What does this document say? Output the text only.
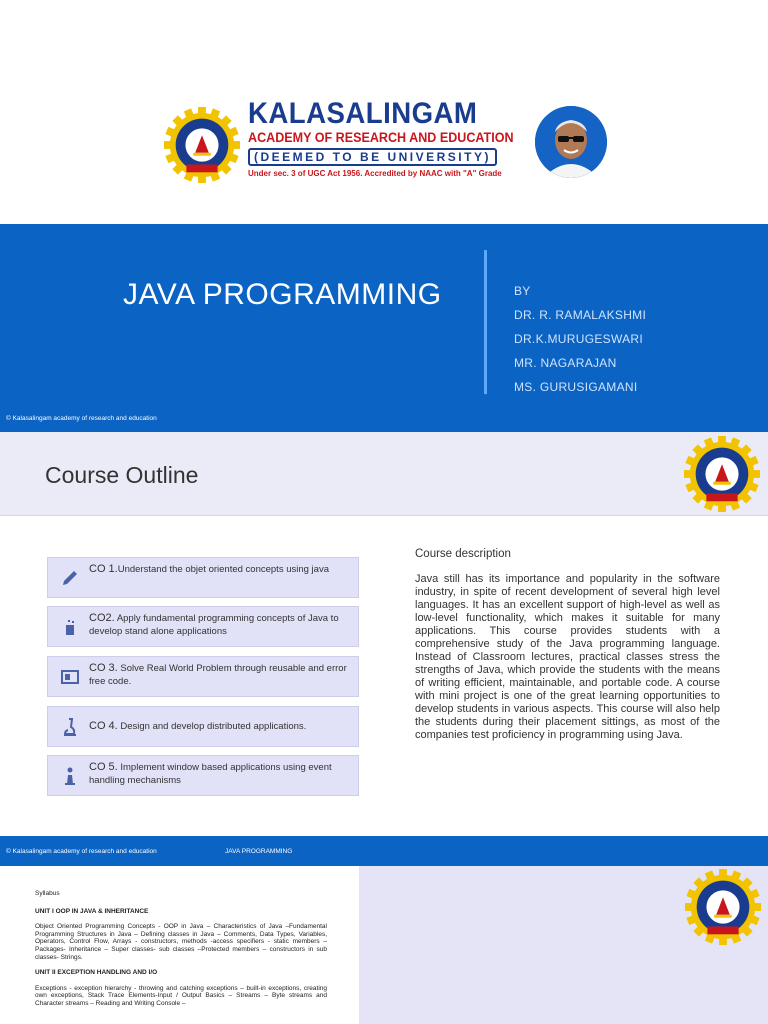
KALASALINGAM
ACADEMY OF RESEARCH AND EDUCATION
(DEEMED TO BE UNIVERSITY)
Under sec. 3 of UGC Act 1956. Accredited by NAAC with "A" Grade
JAVA PROGRAMMING	BY
DR. R. RAMALAKSHMI
DR.K.MURUGESWARI
MR. NAGARAJAN
MS. GURUSIGAMANI
© Kalasalingam academy of research and education
Course Outline
CO 1.Understand the objet oriented concepts using java
CO2. Apply fundamental programming concepts of Java to develop stand alone applications
CO 3. Solve Real World Problem through reusable and error free code.
CO 4. Design and develop distributed applications.
CO 5. Implement window based applications using event handling mechanisms
Course description
Java still has its importance and popularity in the software industry, in spite of recent development of several high level languages. It has an excellent support of high-level as well as low-level functionality, which makes it suitable for many applications. This course provides students with a comprehensive study of the Java programming language. Instead of Classroom lectures, practical classes stress the strengths of Java, which provide the students with the means of writing efficient, maintainable, and portable code. A course with mini project is one of the great learning opportunities to develop students in various aspects. This course will also help the students during their placement sittings, as most of the companies test proficiency in programming using Java.
© Kalasalingam academy of research and education	JAVA PROGRAMMING
Syllabus
UNIT I OOP IN JAVA & INHERITANCE
Object Oriented Programming Concepts - OOP in Java – Characteristics of Java –Fundamental Programming Structures in Java – Defining classes in Java – Comments, Data Types, Variables, Operators, Control Flow, Arrays - constructors, methods -access specifiers - static members – Packages- Inheritance – Super classes- sub classes –Protected members – constructors in sub classes- Strings.
UNIT II EXCEPTION HANDLING AND I/O
Exceptions - exception hierarchy - throwing and catching exceptions – built-in exceptions, creating own exceptions, Stack Trace Elements-Input / Output Basics – Streams – Byte streams and Character streams – Reading and Writing Console –
